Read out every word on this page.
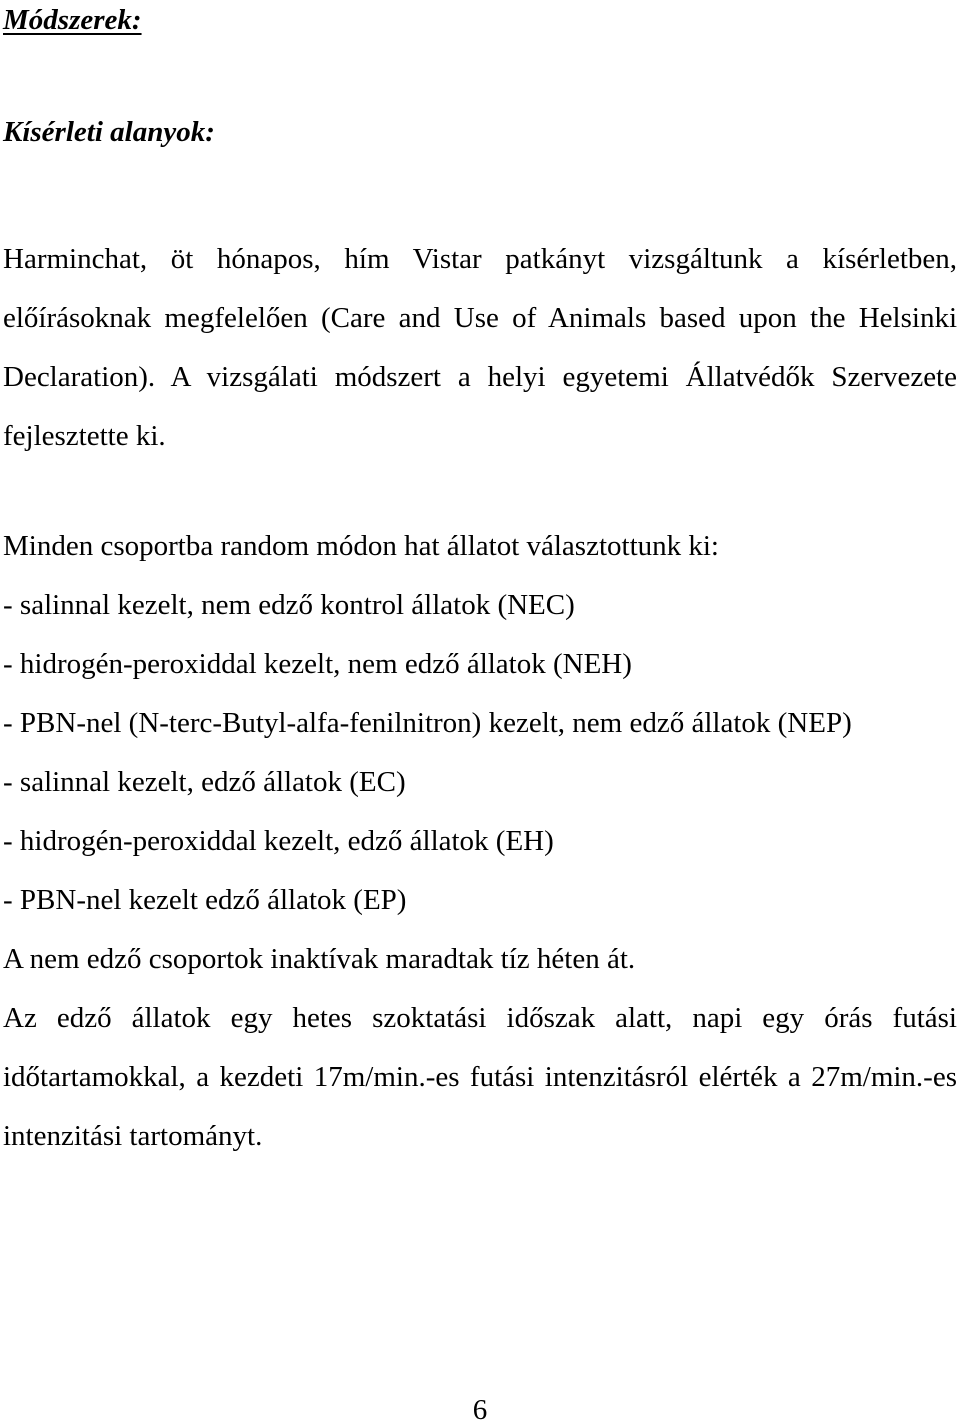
Módszerek:
Kísérleti alanyok:

Harminchat, öt hónapos, hím Vistar patkányt vizsgáltunk a kísérletben, előírásoknak megfelelően (Care and Use of Animals based upon the Helsinki Declaration). A vizsgálati módszert a helyi egyetemi Állatvédők Szervezete fejlesztette ki.

Minden csoportba random módon hat állatot választottunk ki:
- salinnal kezelt, nem edző kontrol állatok (NEC)
- hidrogén-peroxiddal kezelt, nem edző állatok (NEH)
- PBN-nel (N-terc-Butyl-alfa-fenilnitron) kezelt, nem edző állatok (NEP)
- salinnal kezelt, edző állatok (EC)
- hidrogén-peroxiddal kezelt, edző állatok (EH)
- PBN-nel kezelt edző állatok (EP)
A nem edző csoportok inaktívak maradtak tíz héten át.
Az edző állatok egy hetes szoktatási időszak alatt, napi egy órás futási időtartamokkal, a kezdeti 17m/min.-es futási intenzitásról elérték a 27m/min.-es intenzitási tartományt.
6
